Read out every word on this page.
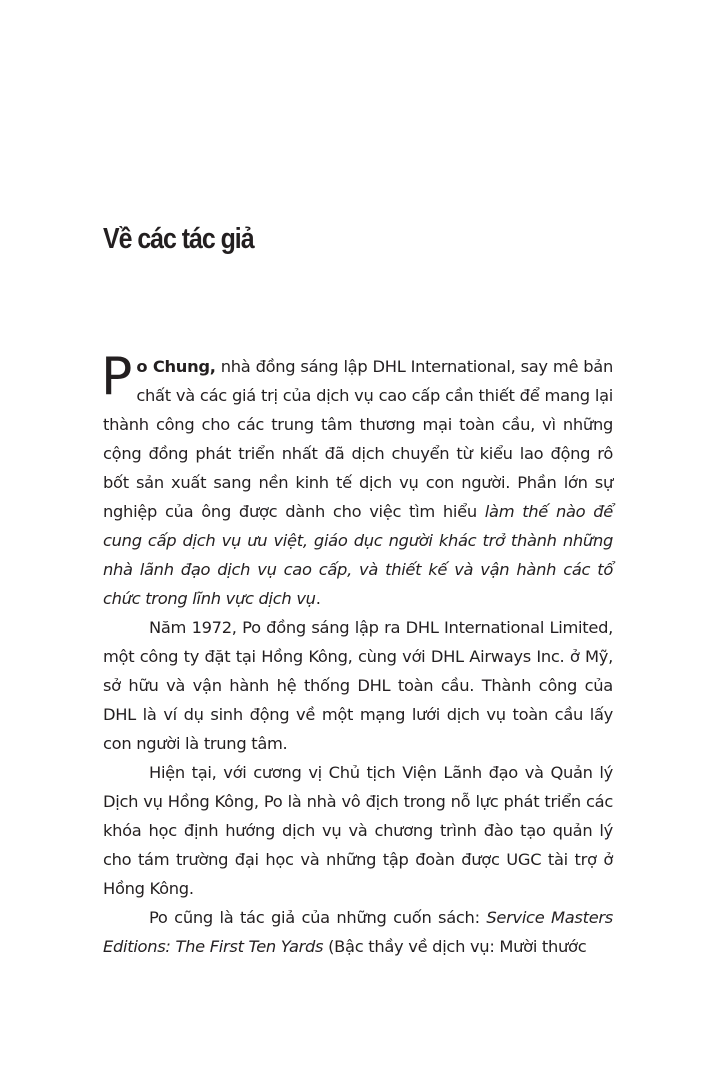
Về các tác giả

Po Chung, nhà đồng sáng lập DHL International, say mê bản chất và các giá trị của dịch vụ cao cấp cần thiết để mang lại thành công cho các trung tâm thương mại toàn cầu, vì những cộng đồng phát triển nhất đã dịch chuyển từ kiểu lao động rô bốt sản xuất sang nền kinh tế dịch vụ con người. Phần lớn sự nghiệp của ông được dành cho việc tìm hiểu làm thế nào để cung cấp dịch vụ ưu việt, giáo dục người khác trở thành những nhà lãnh đạo dịch vụ cao cấp, và thiết kế và vận hành các tổ chức trong lĩnh vực dịch vụ.

Năm 1972, Po đồng sáng lập ra DHL International Limited, một công ty đặt tại Hồng Kông, cùng với DHL Airways Inc. ở Mỹ, sở hữu và vận hành hệ thống DHL toàn cầu. Thành công của DHL là ví dụ sinh động về một mạng lưới dịch vụ toàn cầu lấy con người là trung tâm.

Hiện tại, với cương vị Chủ tịch Viện Lãnh đạo và Quản lý Dịch vụ Hồng Kông, Po là nhà vô địch trong nỗ lực phát triển các khóa học định hướng dịch vụ và chương trình đào tạo quản lý cho tám trường đại học và những tập đoàn được UGC tài trợ ở Hồng Kông.

Po cũng là tác giả của những cuốn sách: Service Masters Editions: The First Ten Yards (Bậc thầy về dịch vụ: Mười thước
